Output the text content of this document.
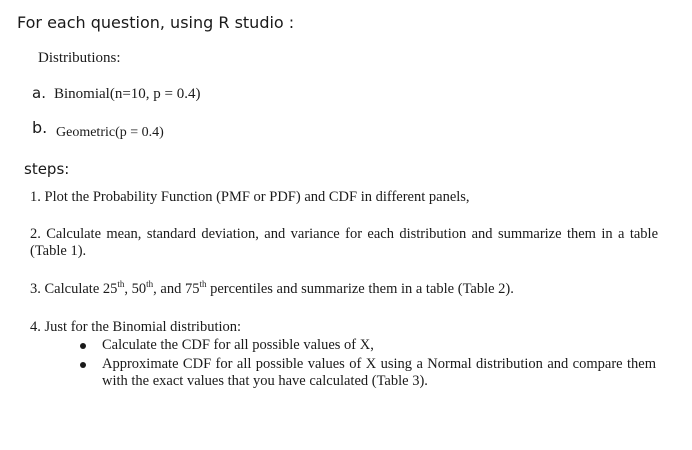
For each question, using R studio :
Distributions:
a. Binomial(n=10, p = 0.4)
b. Geometric(p = 0.4)
steps:
1. Plot the Probability Function (PMF or PDF) and CDF in different panels,
2. Calculate mean, standard deviation, and variance for each distribution and summarize them in a table (Table 1).
3. Calculate 25th, 50th, and 75th percentiles and summarize them in a table (Table 2).
4. Just for the Binomial distribution:
Calculate the CDF for all possible values of X,
Approximate CDF for all possible values of X using a Normal distribution and compare them with the exact values that you have calculated (Table 3).
